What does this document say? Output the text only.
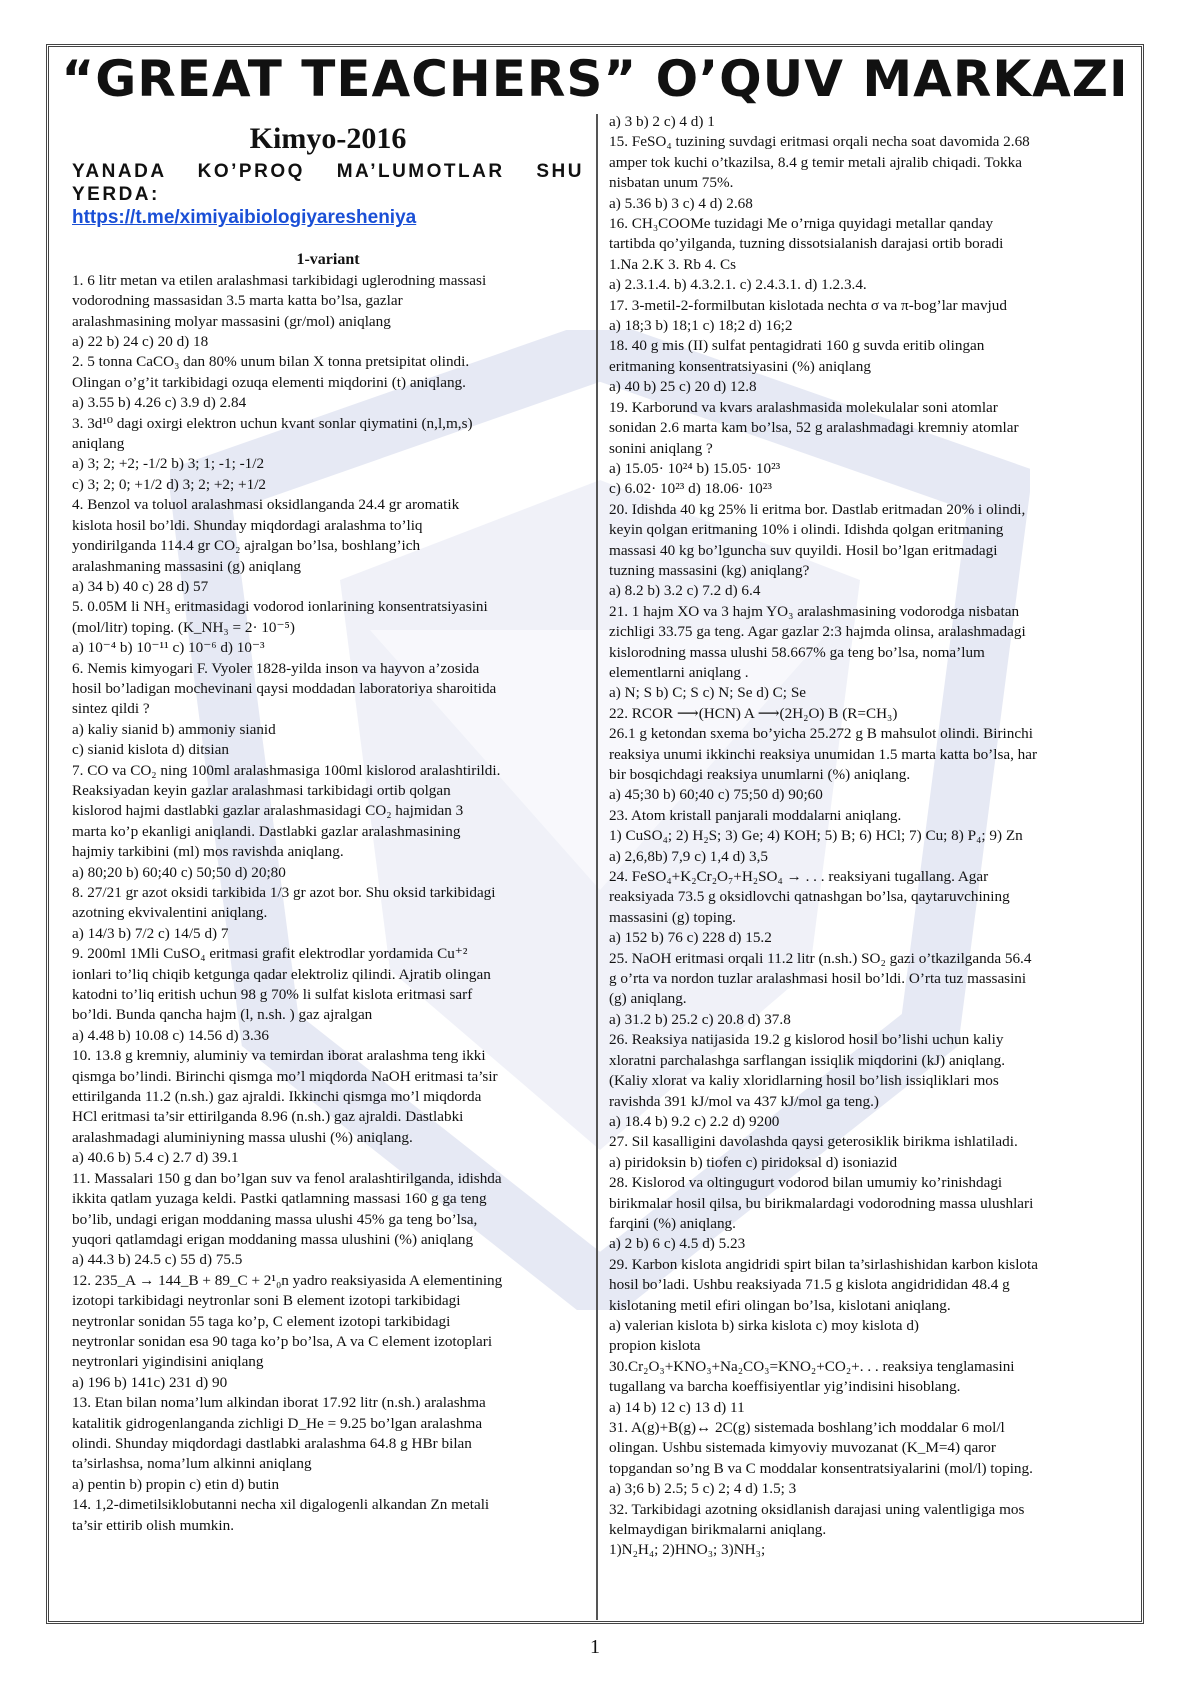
“GREAT TEACHERS” O’QUV MARKAZI
Kimyo-2016

YANADA KO’PROQ MA’LUMOTLAR SHU YERDA:

https://t.me/ximiyaibiologiyaresheniya

1-variant

1. 6 litr metan va etilen aralashmasi tarkibidagi uglerodning massasi

vodorodning massasidan 3.5 marta katta bo’lsa, gazlar

aralashmasining molyar massasini (gr/mol) aniqlang

a) 22 b) 24 c) 20 d) 18

2. 5 tonna CaCO₃ dan 80% unum bilan X tonna pretsipitat olindi.

Olingan o’g’it tarkibidagi ozuqa elementi miqdorini (t) aniqlang.

a) 3.55 b) 4.26 c) 3.9 d) 2.84

3. 3d¹⁰ dagi oxirgi elektron uchun kvant sonlar qiymatini (n,l,m,s)

aniqlang

a) 3; 2; +2; -1/2 b) 3; 1; -1; -1/2

c) 3; 2; 0; +1/2 d) 3; 2; +2; +1/2

4. Benzol va toluol aralashmasi oksidlanganda 24.4 gr aromatik

kislota hosil bo’ldi. Shunday miqdordagi aralashma to’liq

yondirilganda 114.4 gr CO₂ ajralgan bo’lsa, boshlang’ich

aralashmaning massasini (g) aniqlang

a) 34 b) 40 c) 28 d) 57

5. 0.05M li NH₃ eritmasidagi vodorod ionlarining konsentratsiyasini

(mol/litr) toping. (K_NH₃ = 2· 10⁻⁵)

a) 10⁻⁴ b) 10⁻¹¹ c) 10⁻⁶ d) 10⁻³

6. Nemis kimyogari F. Vyoler 1828-yilda inson va hayvon a’zosida

hosil bo’ladigan mochevinani qaysi moddadan laboratoriya sharoitida

sintez qildi ?

a) kaliy sianid b) ammoniy sianid

c) sianid kislota d) ditsian

7. CO va CO₂ ning 100ml aralashmasiga 100ml kislorod aralashtirildi.

Reaksiyadan keyin gazlar aralashmasi tarkibidagi ortib qolgan

kislorod hajmi dastlabki gazlar aralashmasidagi CO₂ hajmidan 3

marta ko’p ekanligi aniqlandi. Dastlabki gazlar aralashmasining

hajmiy tarkibini (ml) mos ravishda aniqlang.

a) 80;20 b) 60;40 c) 50;50 d) 20;80

8. 27/21 gr azot oksidi tarkibida 1/3 gr azot bor. Shu oksid tarkibidagi

azotning ekvivalentini aniqlang.

a) 14/3 b) 7/2 c) 14/5 d) 7

9. 200ml 1Mli CuSO₄ eritmasi grafit elektrodlar yordamida Cu⁺²

ionlari to’liq chiqib ketgunga qadar elektroliz qilindi. Ajratib olingan

katodni to’liq eritish uchun 98 g 70% li sulfat kislota eritmasi sarf

bo’ldi. Bunda qancha hajm (l, n.sh. ) gaz ajralgan

a) 4.48 b) 10.08 c) 14.56 d) 3.36

10. 13.8 g kremniy, aluminiy va temirdan iborat aralashma teng ikki

qismga bo’lindi. Birinchi qismga mo’l miqdorda NaOH eritmasi ta’sir

ettirilganda 11.2 (n.sh.) gaz ajraldi. Ikkinchi qismga mo’l miqdorda

HCl eritmasi ta’sir ettirilganda 8.96 (n.sh.) gaz ajraldi. Dastlabki

aralashmadagi aluminiyning massa ulushi (%) aniqlang.

a) 40.6 b) 5.4 c) 2.7 d) 39.1

11. Massalari 150 g dan bo’lgan suv va fenol aralashtirilganda, idishda

ikkita qatlam yuzaga keldi. Pastki qatlamning massasi 160 g ga teng

bo’lib, undagi erigan moddaning massa ulushi 45% ga teng bo’lsa,

yuqori qatlamdagi erigan moddaning massa ulushini (%) aniqlang

a) 44.3 b) 24.5 c) 55 d) 75.5

12. 235_A → 144_B + 89_C + 2¹₀n yadro reaksiyasida A elementining

izotopi tarkibidagi neytronlar soni B element izotopi tarkibidagi

neytronlar sonidan 55 taga ko’p, C element izotopi tarkibidagi

neytronlar sonidan esa 90 taga ko’p bo’lsa, A va C element izotoplari

neytronlari yigindisini aniqlang

a) 196 b) 141c) 231 d) 90

13. Etan bilan noma’lum alkindan iborat 17.92 litr (n.sh.) aralashma

katalitik gidrogenlanganda zichligi D_He = 9.25 bo’lgan aralashma

olindi. Shunday miqdordagi dastlabki aralashma 64.8 g HBr bilan

ta’sirlashsa, noma’lum alkinni aniqlang

a) pentin b) propin c) etin d) butin

14. 1,2-dimetilsiklobutanni necha xil digalogenli alkandan Zn metali

ta’sir ettirib olish mumkin.

a) 3 b) 2 c) 4 d) 1

15. FeSO₄ tuzining suvdagi eritmasi orqali necha soat davomida 2.68

amper tok kuchi o’tkazilsa, 8.4 g temir metali ajralib chiqadi. Tokka

nisbatan unum 75%.

a) 5.36 b) 3 c) 4 d) 2.68

16. CH₃COOMe tuzidagi Me o’rniga quyidagi metallar qanday

tartibda qo’yilganda, tuzning dissotsialanish darajasi ortib boradi

1.Na 2.K 3. Rb 4. Cs

a) 2.3.1.4. b) 4.3.2.1. c) 2.4.3.1. d) 1.2.3.4.

17. 3-metil-2-formilbutan kislotada nechta σ va π-bog’lar mavjud

a) 18;3 b) 18;1 c) 18;2 d) 16;2

18. 40 g mis (II) sulfat pentagidrati 160 g suvda eritib olingan

eritmaning konsentratsiyasini (%) aniqlang

a) 40 b) 25 c) 20 d) 12.8

19. Karborund va kvars aralashmasida molekulalar soni atomlar

sonidan 2.6 marta kam bo’lsa, 52 g aralashmadagi kremniy atomlar

sonini aniqlang ?

a) 15.05· 10²⁴ b) 15.05· 10²³

c) 6.02· 10²³ d) 18.06· 10²³

20. Idishda 40 kg 25% li eritma bor. Dastlab eritmadan 20% i olindi,

keyin qolgan eritmaning 10% i olindi. Idishda qolgan eritmaning

massasi 40 kg bo’lguncha suv quyildi. Hosil bo’lgan eritmadagi

tuzning massasini (kg) aniqlang?

a) 8.2 b) 3.2 c) 7.2 d) 6.4

21. 1 hajm XO va 3 hajm YO₃ aralashmasining vodorodga nisbatan

zichligi 33.75 ga teng. Agar gazlar 2:3 hajmda olinsa, aralashmadagi

kislorodning massa ulushi 58.667% ga teng bo’lsa, noma’lum

elementlarni aniqlang .

a) N; S b) C; S c) N; Se d) C; Se

22. RCOR ⟶(HCN) A ⟶(2H₂O) B (R=CH₃)

26.1 g ketondan sxema bo’yicha 25.272 g B mahsulot olindi. Birinchi

reaksiya unumi ikkinchi reaksiya unumidan 1.5 marta katta bo’lsa, har

bir bosqichdagi reaksiya unumlarni (%) aniqlang.

a) 45;30 b) 60;40 c) 75;50 d) 90;60

23. Atom kristall panjarali moddalarni aniqlang.

1) CuSO₄; 2) H₂S; 3) Ge; 4) KOH; 5) B; 6) HCl; 7) Cu; 8) P₄; 9) Zn

a) 2,6,8b) 7,9 c) 1,4 d) 3,5

24. FeSO₄+K₂Cr₂O₇+H₂SO₄ → . . . reaksiyani tugallang. Agar

reaksiyada 73.5 g oksidlovchi qatnashgan bo’lsa, qaytaruvchining

massasini (g) toping.

a) 152 b) 76 c) 228 d) 15.2

25. NaOH eritmasi orqali 11.2 litr (n.sh.) SO₂ gazi o’tkazilganda 56.4

g o’rta va nordon tuzlar aralashmasi hosil bo’ldi. O’rta tuz massasini

(g) aniqlang.

a) 31.2 b) 25.2 c) 20.8 d) 37.8

26. Reaksiya natijasida 19.2 g kislorod hosil bo’lishi uchun kaliy

xloratni parchalashga sarflangan issiqlik miqdorini (kJ) aniqlang.

(Kaliy xlorat va kaliy xloridlarning hosil bo’lish issiqliklari mos

ravishda 391 kJ/mol va 437 kJ/mol ga teng.)

a) 18.4 b) 9.2 c) 2.2 d) 9200

27. Sil kasalligini davolashda qaysi geterosiklik birikma ishlatiladi.

a) piridoksin b) tiofen c) piridoksal d) isoniazid

28. Kislorod va oltingugurt vodorod bilan umumiy ko’rinishdagi

birikmalar hosil qilsa, bu birikmalardagi vodorodning massa ulushlari

farqini (%) aniqlang.

a) 2 b) 6 c) 4.5 d) 5.23

29. Karbon kislota angidridi spirt bilan ta’sirlashishidan karbon kislota

hosil bo’ladi. Ushbu reaksiyada 71.5 g kislota angidrididan 48.4 g

kislotaning metil efiri olingan bo’lsa, kislotani aniqlang.

a) valerian kislota b) sirka kislota c) moy kislota d)

propion kislota

30.Cr₂O₃+KNO₃+Na₂CO₃=KNO₂+CO₂+. . . reaksiya tenglamasini

tugallang va barcha koeffisiyentlar yig’indisini hisoblang.

a) 14 b) 12 c) 13 d) 11

31. A(g)+B(g)↔ 2C(g) sistemada boshlang’ich moddalar 6 mol/l

olingan. Ushbu sistemada kimyoviy muvozanat (K_M=4) qaror

topgandan so’ng B va C moddalar konsentratsiyalarini (mol/l) toping.

a) 3;6 b) 2.5; 5 c) 2; 4 d) 1.5; 3

32. Tarkibidagi azotning oksidlanish darajasi uning valentligiga mos

kelmaydigan birikmalarni aniqlang.

1)N₂H₄; 2)HNO₃; 3)NH₃;

1
